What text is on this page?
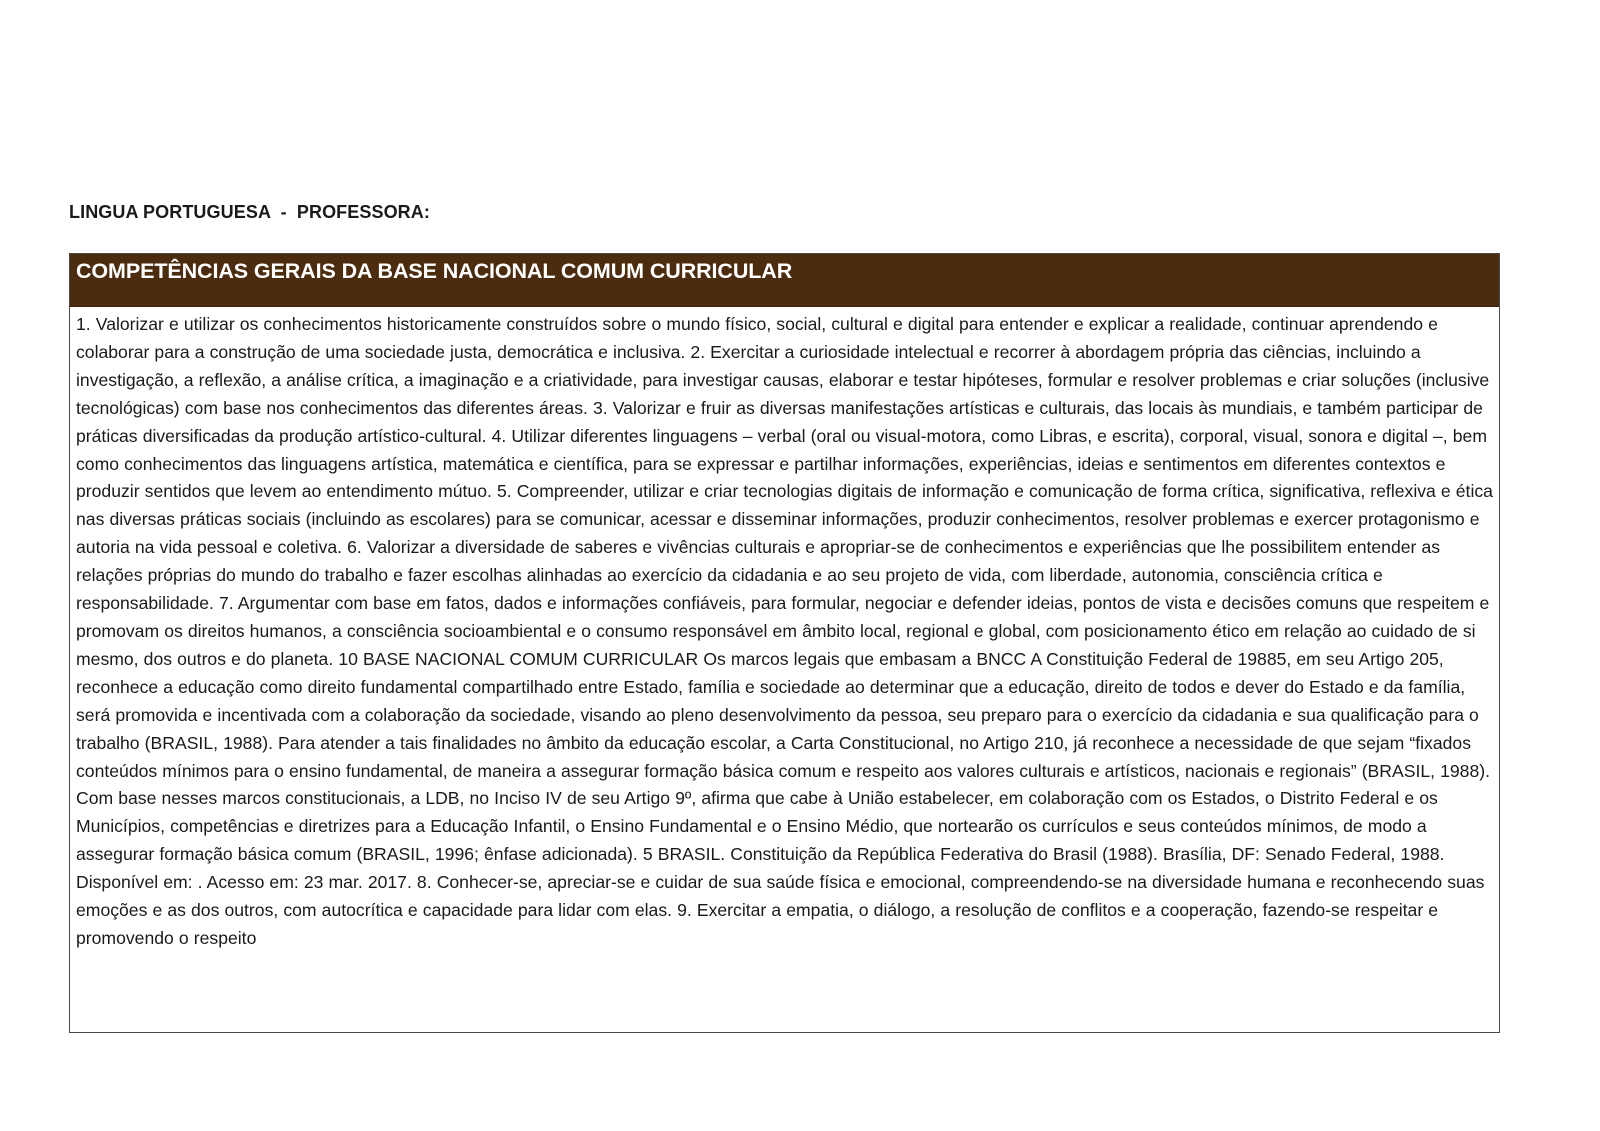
LINGUA PORTUGUESA  -  PROFESSORA:
COMPETÊNCIAS GERAIS DA BASE NACIONAL COMUM CURRICULAR

1. Valorizar e utilizar os conhecimentos historicamente construídos sobre o mundo físico, social, cultural e digital para entender e explicar a realidade, continuar aprendendo e colaborar para a construção de uma sociedade justa, democrática e inclusiva. 2. Exercitar a curiosidade intelectual e recorrer à abordagem própria das ciências, incluindo a investigação, a reflexão, a análise crítica, a imaginação e a criatividade, para investigar causas, elaborar e testar hipóteses, formular e resolver problemas e criar soluções (inclusive tecnológicas) com base nos conhecimentos das diferentes áreas. 3. Valorizar e fruir as diversas manifestações artísticas e culturais, das locais às mundiais, e também participar de práticas diversificadas da produção artístico-cultural. 4. Utilizar diferentes linguagens – verbal (oral ou visual-motora, como Libras, e escrita), corporal, visual, sonora e digital –, bem como conhecimentos das linguagens artística, matemática e científica, para se expressar e partilhar informações, experiências, ideias e sentimentos em diferentes contextos e produzir sentidos que levem ao entendimento mútuo. 5. Compreender, utilizar e criar tecnologias digitais de informação e comunicação de forma crítica, significativa, reflexiva e ética nas diversas práticas sociais (incluindo as escolares) para se comunicar, acessar e disseminar informações, produzir conhecimentos, resolver problemas e exercer protagonismo e autoria na vida pessoal e coletiva. 6. Valorizar a diversidade de saberes e vivências culturais e apropriar-se de conhecimentos e experiências que lhe possibilitem entender as relações próprias do mundo do trabalho e fazer escolhas alinhadas ao exercício da cidadania e ao seu projeto de vida, com liberdade, autonomia, consciência crítica e responsabilidade. 7. Argumentar com base em fatos, dados e informações confiáveis, para formular, negociar e defender ideias, pontos de vista e decisões comuns que respeitem e promovam os direitos humanos, a consciência socioambiental e o consumo responsável em âmbito local, regional e global, com posicionamento ético em relação ao cuidado de si mesmo, dos outros e do planeta. 10 BASE NACIONAL COMUM CURRICULAR Os marcos legais que embasam a BNCC A Constituição Federal de 19885, em seu Artigo 205, reconhece a educação como direito fundamental compartilhado entre Estado, família e sociedade ao determinar que a educação, direito de todos e dever do Estado e da família, será promovida e incentivada com a colaboração da sociedade, visando ao pleno desenvolvimento da pessoa, seu preparo para o exercício da cidadania e sua qualificação para o trabalho (BRASIL, 1988). Para atender a tais finalidades no âmbito da educação escolar, a Carta Constitucional, no Artigo 210, já reconhece a necessidade de que sejam “fixados conteúdos mínimos para o ensino fundamental, de maneira a assegurar formação básica comum e respeito aos valores culturais e artísticos, nacionais e regionais” (BRASIL, 1988). Com base nesses marcos constitucionais, a LDB, no Inciso IV de seu Artigo 9º, afirma que cabe à União estabelecer, em colaboração com os Estados, o Distrito Federal e os Municípios, competências e diretrizes para a Educação Infantil, o Ensino Fundamental e o Ensino Médio, que nortearão os currículos e seus conteúdos mínimos, de modo a assegurar formação básica comum (BRASIL, 1996; ênfase adicionada). 5 BRASIL. Constituição da República Federativa do Brasil (1988). Brasília, DF: Senado Federal, 1988. Disponível em: . Acesso em: 23 mar. 2017. 8. Conhecer-se, apreciar-se e cuidar de sua saúde física e emocional, compreendendo-se na diversidade humana e reconhecendo suas emoções e as dos outros, com autocrítica e capacidade para lidar com elas. 9. Exercitar a empatia, o diálogo, a resolução de conflitos e a cooperação, fazendo-se respeitar e promovendo o respeito
